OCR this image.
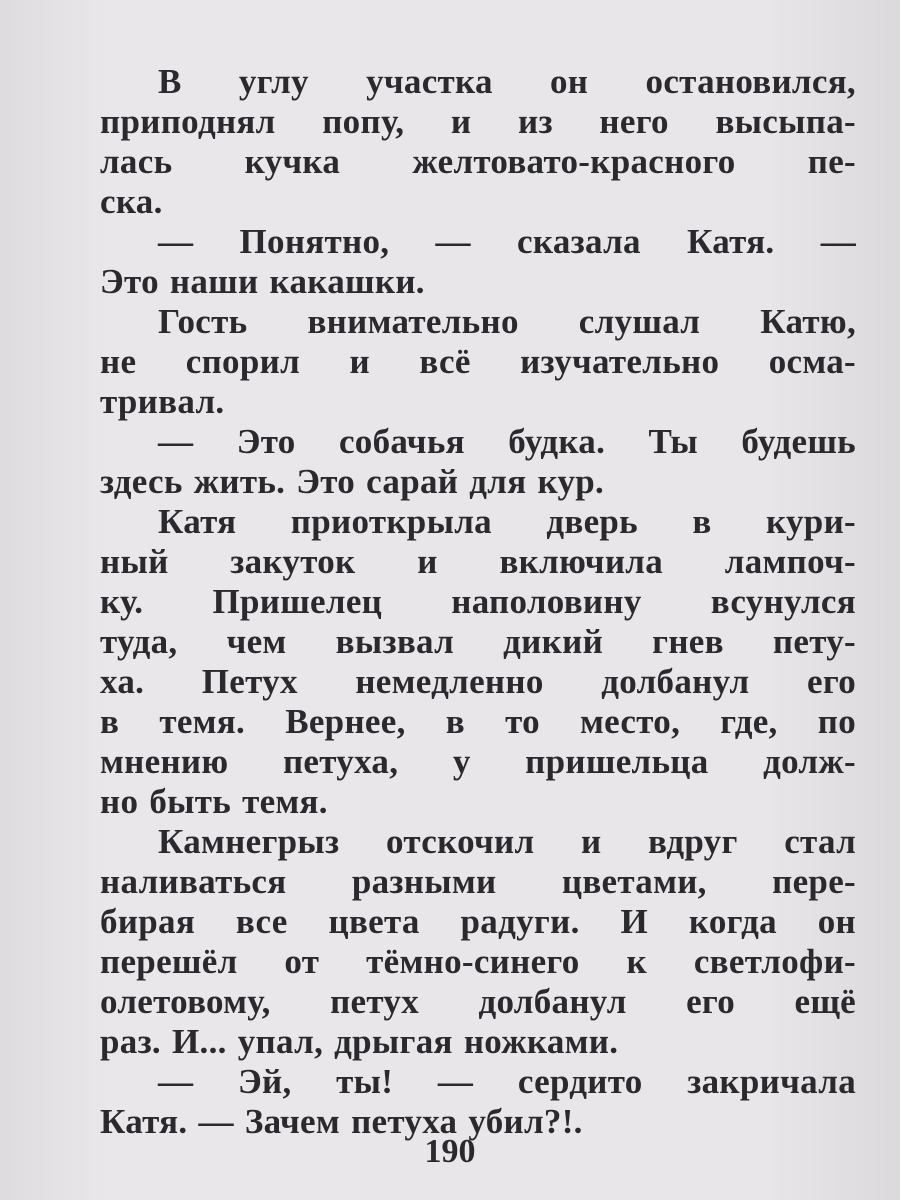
В углу участка он остановился,
приподнял попу, и из него высыпа-
лась кучка желтовато-красного пе-
ска.
— Понятно, — сказала Катя. —
Это наши какашки.
Гость внимательно слушал Катю,
не спорил и всё изучательно осма-
тривал.
— Это собачья будка. Ты будешь
здесь жить. Это сарай для кур.
Катя приоткрыла дверь в кури-
ный закуток и включила лампоч-
ку. Пришелец наполовину всунулся
туда, чем вызвал дикий гнев пету-
ха. Петух немедленно долбанул его
в темя. Вернее, в то место, где, по
мнению петуха, у пришельца долж-
но быть темя.
Камнегрыз отскочил и вдруг стал
наливаться разными цветами, пере-
бирая все цвета радуги. И когда он
перешёл от тёмно-синего к светлофи-
олетовому, петух долбанул его ещё
раз. И... упал, дрыгая ножками.
— Эй, ты! — сердито закричала
Катя. — Зачем петуха убил?!.
190
